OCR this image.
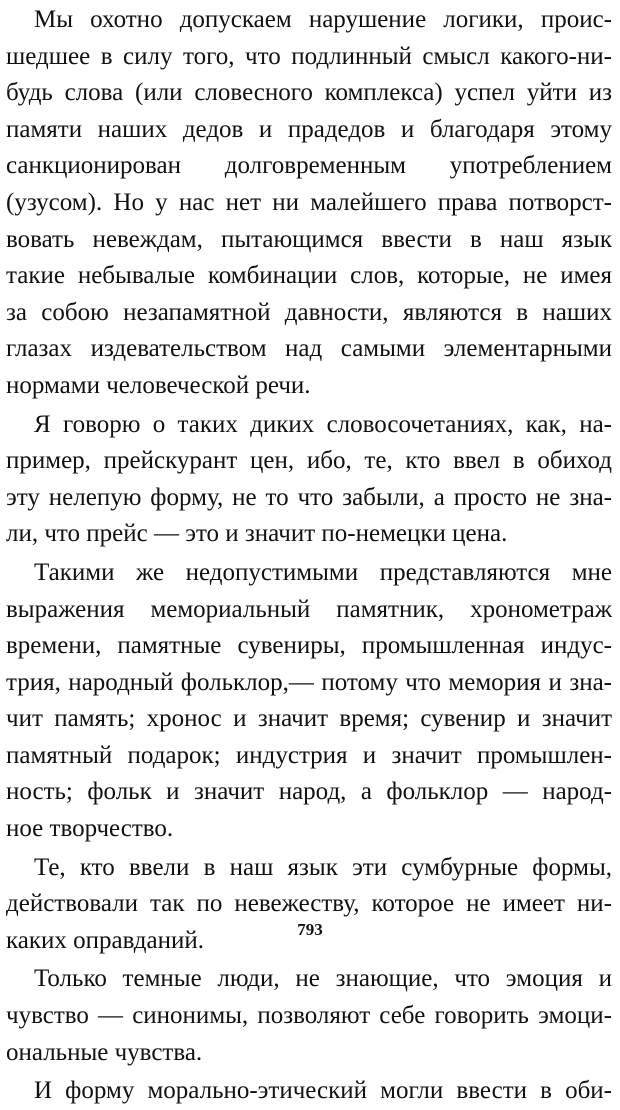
Мы охотно допускаем нарушение логики, проис-
шедшее в силу того, что подлинный смысл какого-ни-
будь слова (или словесного комплекса) успел уйти из
памяти наших дедов и прадедов и благодаря этому
санкционирован долговременным употреблением
(узусом). Но у нас нет ни малейшего права потворст-
вовать невеждам, пытающимся ввести в наш язык
такие небывалые комбинации слов, которые, не имея
за собою незапамятной давности, являются в наших
глазах издевательством над самыми элементарными
нормами человеческой речи.
Я говорю о таких диких словосочетаниях, как, на-
пример, прейскурант цен, ибо, те, кто ввел в обиход
эту нелепую форму, не то что забыли, а просто не зна-
ли, что прейс — это и значит по-немецки цена.
Такими же недопустимыми представляются мне
выражения мемориальный памятник, хронометраж
времени, памятные сувениры, промышленная индус-
трия, народный фольклор,— потому что мемория и зна-
чит память; хронос и значит время; сувенир и значит
памятный подарок; индустрия и значит промышлен-
ность; фольк и значит народ, а фольклор — народ-
ное творчество.
Те, кто ввели в наш язык эти сумбурные формы,
действовали так по невежеству, которое не имеет ни-
каких оправданий.
Только темные люди, не знающие, что эмоция и
чувство — синонимы, позволяют себе говорить эмоци-
ональные чувства.
И форму морально-этический могли ввести в оби-
793
